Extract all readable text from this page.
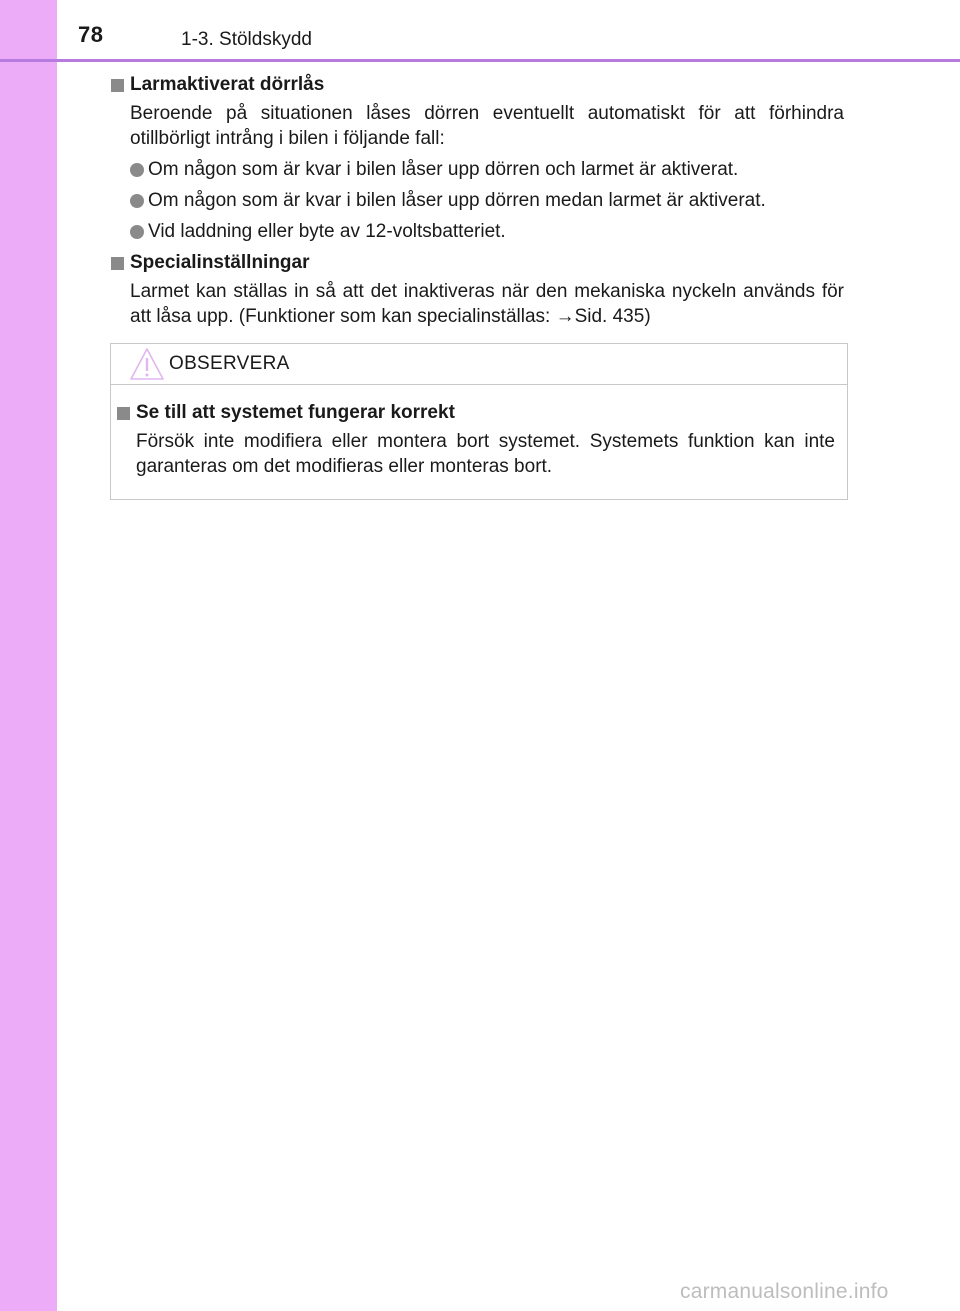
78	1-3. Stöldskydd
Larmaktiverat dörrlås
Beroende på situationen låses dörren eventuellt automatiskt för att förhindra otillbörligt intrång i bilen i följande fall:
Om någon som är kvar i bilen låser upp dörren och larmet är aktiverat.
Om någon som är kvar i bilen låser upp dörren medan larmet är aktiverat.
Vid laddning eller byte av 12-voltsbatteriet.
Specialinställningar
Larmet kan ställas in så att det inaktiveras när den mekaniska nyckeln används för att låsa upp. (Funktioner som kan specialinställas: →Sid. 435)
OBSERVERA
Se till att systemet fungerar korrekt
Försök inte modifiera eller montera bort systemet. Systemets funktion kan inte garanteras om det modifieras eller monteras bort.
carmanualsonline.info
